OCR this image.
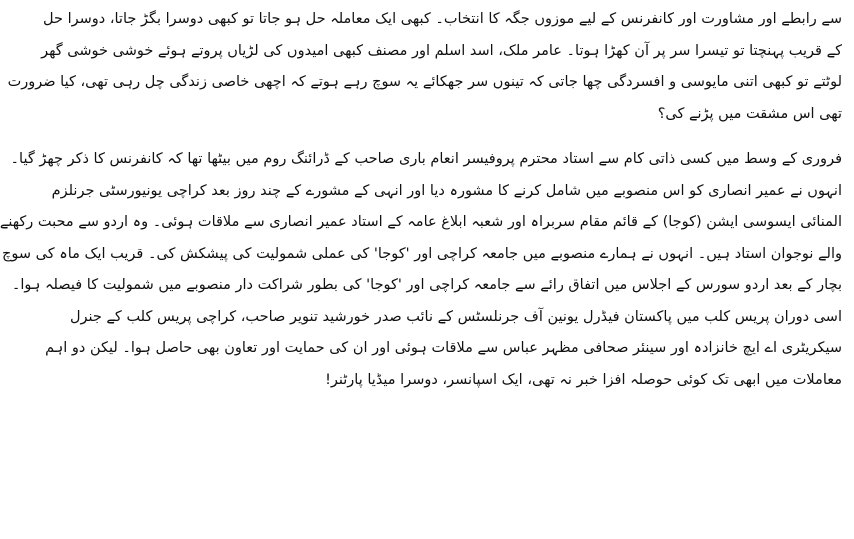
سے رابطے اور مشاورت اور کانفرنس کے لیے موزوں جگہ کا انتخاب۔ کبھی ایک معاملہ حل ہو جاتا تو کبھی دوسرا بگڑ جاتا، دوسرا حل
کے قریب پہنچتا تو تیسرا سر پر آن کھڑا ہوتا۔ عامر ملک، اسد اسلم اور مصنف کبھی امیدوں کی لڑیاں پروتے ہوئے خوشی خوشی گھر
لوٹتے تو کبھی اتنی مایوسی و افسردگی چھا جاتی کہ تینوں سر جھکائے یہ سوچ رہے ہوتے کہ اچھی خاصی زندگی چل رہی تھی، کیا ضرورت
تھی اس مشقت میں پڑنے کی؟
فروری کے وسط میں کسی ذاتی کام سے استاد محترم پروفیسر انعام باری صاحب کے ڈرائنگ روم میں بیٹھا تھا کہ کانفرنس کا ذکر چھڑ گیا۔
انہوں نے عمیر انصاری کو اس منصوبے میں شامل کرنے کا مشورہ دیا اور انہی کے مشورے کے چند روز بعد کراچی یونیورسٹی جرنلزم
المنائی ایسوسی ایشن (کوجا) کے قائم مقام سربراہ اور شعبہ ابلاغ عامہ کے استاد عمیر انصاری سے ملاقات ہوئی۔ وہ اردو سے محبت رکھنے
والے نوجوان استاد ہیں۔ انہوں نے ہمارے منصوبے میں جامعہ کراچی اور 'کوجا' کی عملی شمولیت کی پیشکش کی۔ قریب ایک ماہ کی سوچ
بچار کے بعد اردو سورس کے اجلاس میں اتفاق رائے سے جامعہ کراچی اور 'کوجا' کی بطور شراکت دار منصوبے میں شمولیت کا فیصلہ ہوا۔
اسی دوران پریس کلب میں پاکستان فیڈرل یونین آف جرنلسٹس کے نائب صدر خورشید تنویر صاحب، کراچی پریس کلب کے جنرل
سیکریٹری اے ایچ خانزادہ اور سینئر صحافی مظہر عباس سے ملاقات ہوئی اور ان کی حمایت اور تعاون بھی حاصل ہوا۔ لیکن دو اہم
معاملات میں ابھی تک کوئی حوصلہ افزا خبر نہ تھی، ایک اسپانسر، دوسرا میڈیا پارٹنر!
